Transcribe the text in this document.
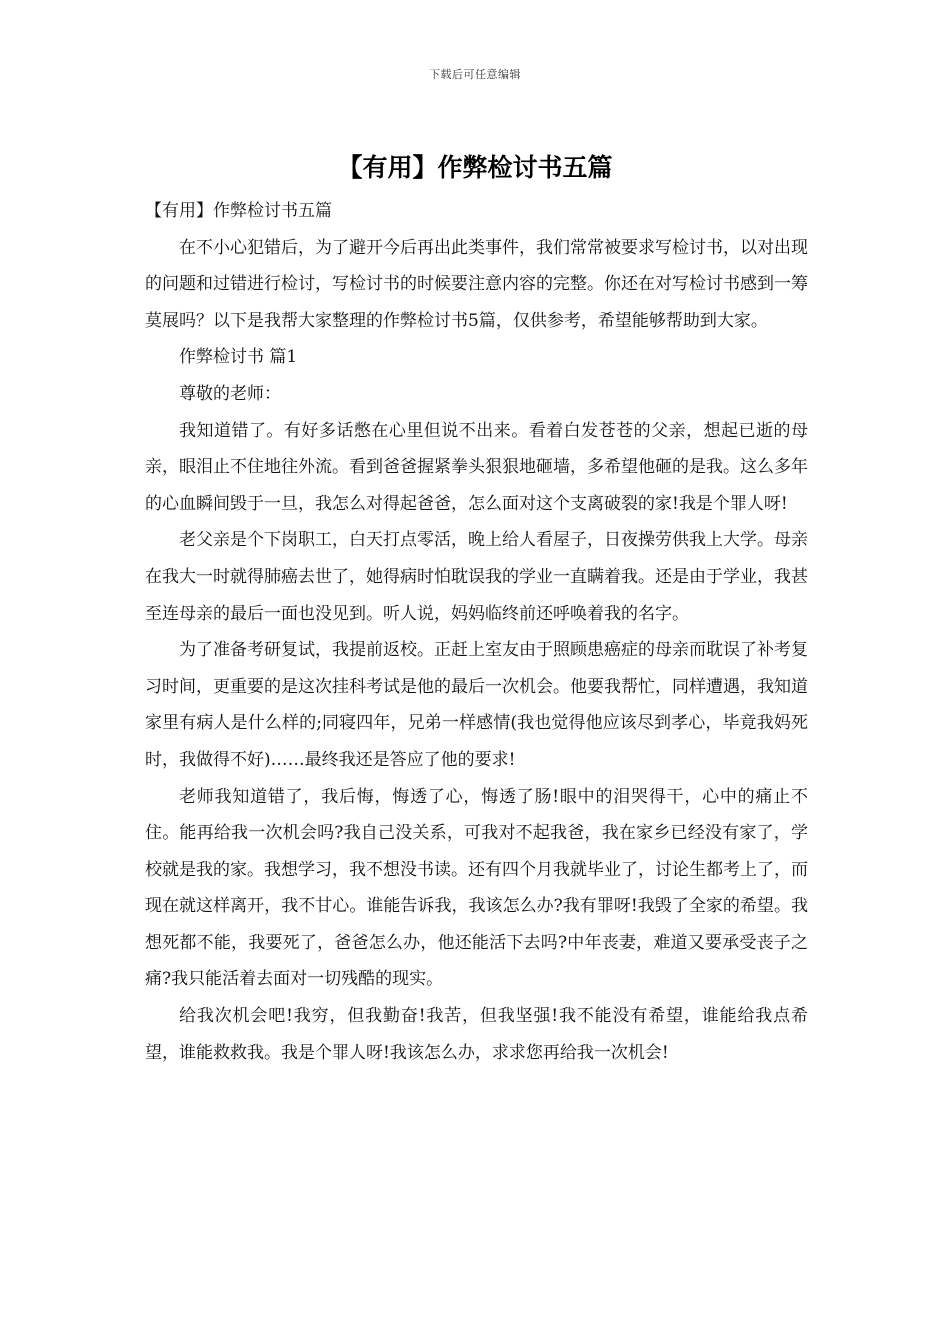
下载后可任意编辑
【有用】作弊检讨书五篇

【有用】作弊检讨书五篇

在不小心犯错后，为了避开今后再出此类事件，我们常常被要求写检讨书，以对出现的问题和过错进行检讨，写检讨书的时候要注意内容的完整。你还在对写检讨书感到一筹莫展吗？以下是我帮大家整理的作弊检讨书5篇，仅供参考，希望能够帮助到大家。

作弊检讨书 篇1

尊敬的老师：

我知道错了。有好多话憋在心里但说不出来。看着白发苍苍的父亲，想起已逝的母亲，眼泪止不住地往外流。看到爸爸握紧拳头狠狠地砸墙，多希望他砸的是我。这么多年的心血瞬间毁于一旦，我怎么对得起爸爸，怎么面对这个支离破裂的家!我是个罪人呀!

老父亲是个下岗职工，白天打点零活，晚上给人看屋子，日夜操劳供我上大学。母亲在我大一时就得肺癌去世了，她得病时怕耽误我的学业一直瞒着我。还是由于学业，我甚至连母亲的最后一面也没见到。听人说，妈妈临终前还呼唤着我的名字。

为了准备考研复试，我提前返校。正赶上室友由于照顾患癌症的母亲而耽误了补考复习时间，更重要的是这次挂科考试是他的最后一次机会。他要我帮忙，同样遭遇，我知道家里有病人是什么样的;同寝四年，兄弟一样感情(我也觉得他应该尽到孝心，毕竟我妈死时，我做得不好)……最终我还是答应了他的要求!

老师我知道错了，我后悔，悔透了心，悔透了肠!眼中的泪哭得干，心中的痛止不住。能再给我一次机会吗?我自己没关系，可我对不起我爸，我在家乡已经没有家了，学校就是我的家。我想学习，我不想没书读。还有四个月我就毕业了，讨论生都考上了，而现在就这样离开，我不甘心。谁能告诉我，我该怎么办?我有罪呀!我毁了全家的希望。我想死都不能，我要死了，爸爸怎么办，他还能活下去吗?中年丧妻，难道又要承受丧子之痛?我只能活着去面对一切残酷的现实。

给我次机会吧!我穷，但我勤奋!我苦，但我坚强!我不能没有希望，谁能给我点希望，谁能救救我。我是个罪人呀!我该怎么办，求求您再给我一次机会!
